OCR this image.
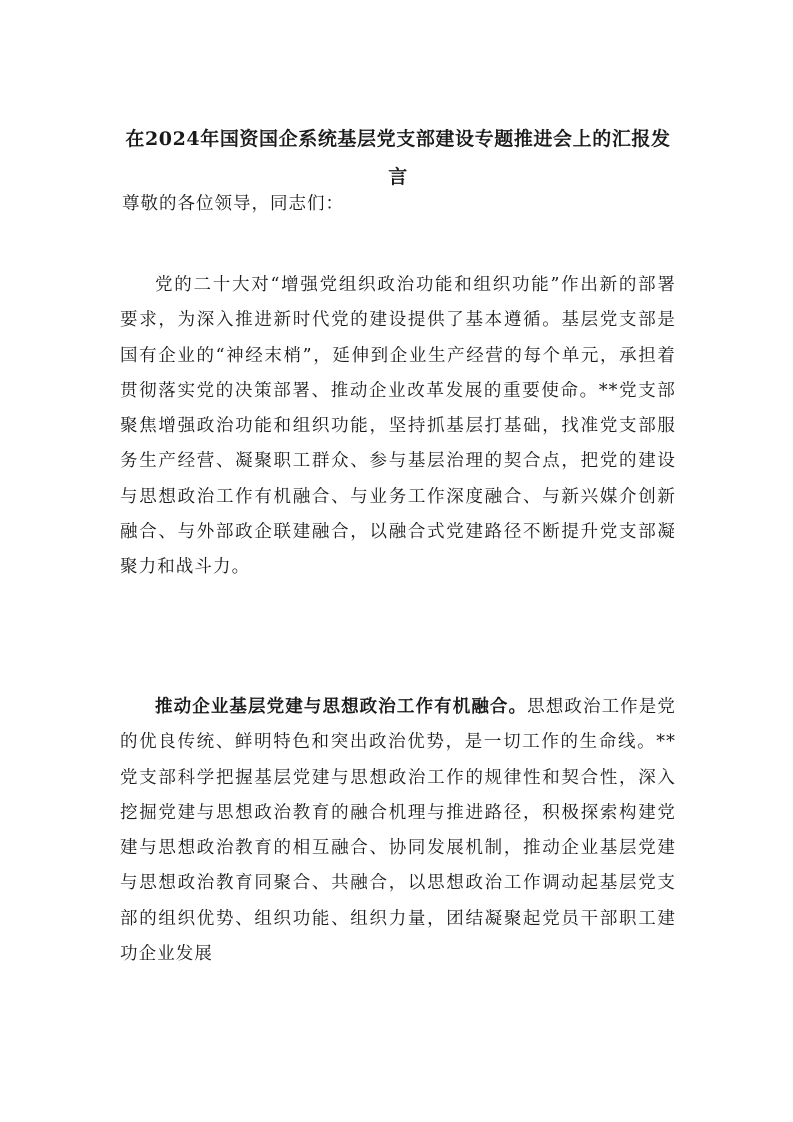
在2024年国资国企系统基层党支部建设专题推进会上的汇报发言

尊敬的各位领导，同志们：

党的二十大对“增强党组织政治功能和组织功能”作出新的部署要求，为深入推进新时代党的建设提供了基本遵循。基层党支部是国有企业的“神经末梢”，延伸到企业生产经营的每个单元，承担着贯彻落实党的决策部署、推动企业改革发展的重要使命。**党支部聚焦增强政治功能和组织功能，坚持抓基层打基础，找准党支部服务生产经营、凝聚职工群众、参与基层治理的契合点，把党的建设与思想政治工作有机融合、与业务工作深度融合、与新兴媒介创新融合、与外部政企联建融合，以融合式党建路径不断提升党支部凝聚力和战斗力。

推动企业基层党建与思想政治工作有机融合。思想政治工作是党的优良传统、鲜明特色和突出政治优势，是一切工作的生命线。**党支部科学把握基层党建与思想政治工作的规律性和契合性，深入挖掘党建与思想政治教育的融合机理与推进路径，积极探索构建党建与思想政治教育的相互融合、协同发展机制，推动企业基层党建与思想政治教育同聚合、共融合，以思想政治工作调动起基层党支部的组织优势、组织功能、组织力量，团结凝聚起党员干部职工建功企业发展
